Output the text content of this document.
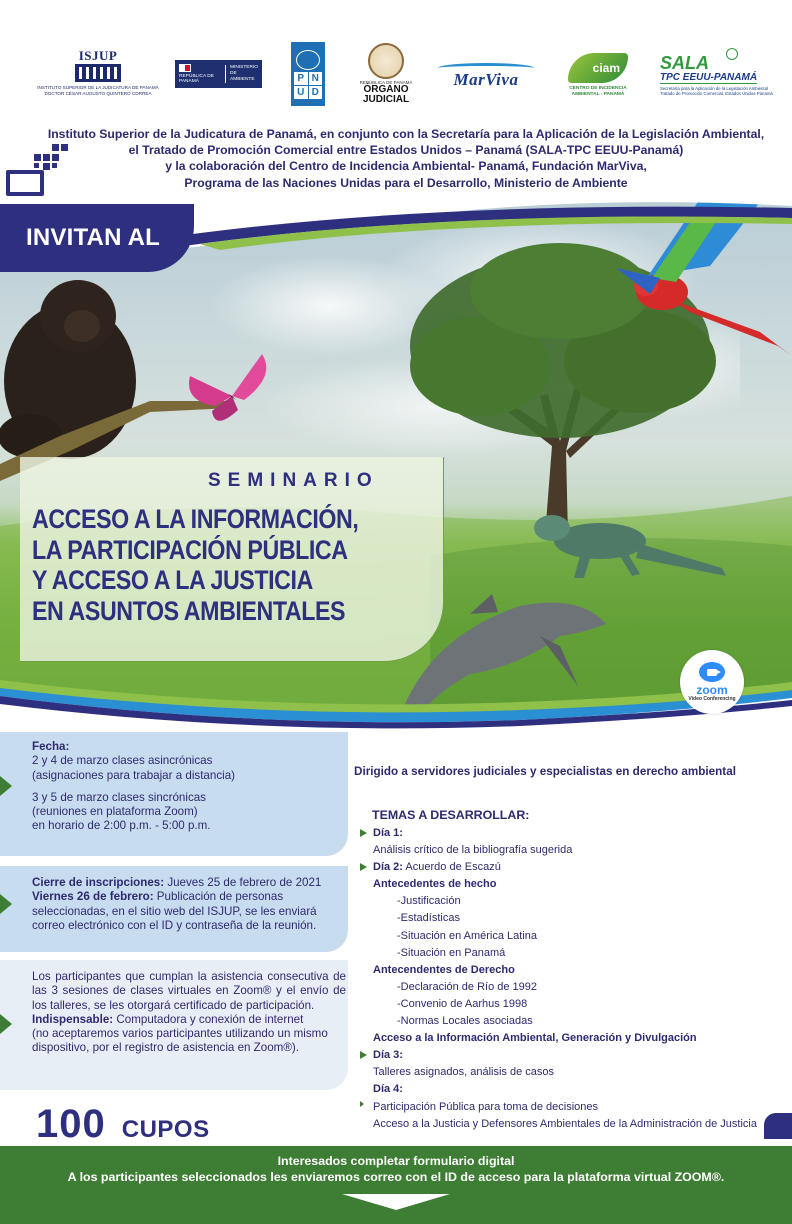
ISJUP
INSTITUTO SUPERIOR DE LA JUDICATURA DE PANAMÁ
DOCTOR CÉSAR AUGUSTO QUINTERO CORREA
REPÚBLICA DE PANAMÁ
MINISTERIO DE AMBIENTE	P N
U D
REPÚBLICA DE PANAMÁ
ÓRGANO
JUDICIAL
MarViva
ciam
CENTRO DE INCIDENCIA
AMBIENTAL - PANAMÁ
SALA
TPC EEUU-PANAMÁ
Secretaría para la Aplicación de la Legislación Ambiental
Tratado de Promoción Comercial, Estados Unidos-Panamá

Instituto Superior de la Judicatura de Panamá, en conjunto con la Secretaría para la Aplicación de la Legislación Ambiental,

el Tratado de Promoción Comercial entre Estados Unidos – Panamá (SALA-TPC EEUU-Panamá)

y la colaboración del Centro de Incidencia Ambiental- Panamá, Fundación MarViva,

Programa de las Naciones Unidas para el Desarrollo, Ministerio de Ambiente

INVITAN AL
SEMINARIO
ACCESO A LA INFORMACIÓN,
LA PARTICIPACIÓN PÚBLICA
Y ACCESO A LA JUSTICIA
EN ASUNTOS AMBIENTALES
zoom
Video Conferencing

Fecha:

2 y 4 de marzo clases asincrónicas

(asignaciones para trabajar a distancia)

3 y 5 de marzo clases sincrónicas

(reuniones en plataforma Zoom)

en horario de 2:00 p.m. - 5:00 p.m.

Cierre de inscripciones: Jueves 25 de febrero de 2021

Viernes 26 de febrero: Publicación de personas seleccionadas, en el sitio web del ISJUP, se les enviará correo electrónico con el ID y contraseña de la reunión.

Los participantes que cumplan la asistencia consecutiva de las 3 sesiones de clases virtuales en Zoom® y el envío de los talleres, se les otorgará certificado de participación.

Indispensable: Computadora y conexión de internet

(no aceptaremos varios participantes utilizando un mismo dispositivo, por el registro de asistencia en Zoom®).

100 CUPOS
Dirigido a servidores judiciales y especialistas en derecho ambiental
TEMAS A DESARROLLAR:
Día 1:
Análisis crítico de la bibliografía sugerida
Día 2: Acuerdo de Escazú
Antecedentes de hecho
-Justificación
-Estadísticas
-Situación en América Latina
-Situación en Panamá
Antecendentes de Derecho
-Declaración de Río de 1992
-Convenio de Aarhus 1998
-Normas Locales asociadas
Acceso a la Información Ambiental, Generación y Divulgación
Día 3:
Talleres asignados, análisis de casos
Día 4:
Participación Pública para toma de decisiones
Acceso a la Justicia y Defensores Ambientales de la Administración de Justicia
Interesados completar formulario digital
A los participantes seleccionados les enviaremos correo con el ID de acceso para la plataforma virtual ZOOM®.
